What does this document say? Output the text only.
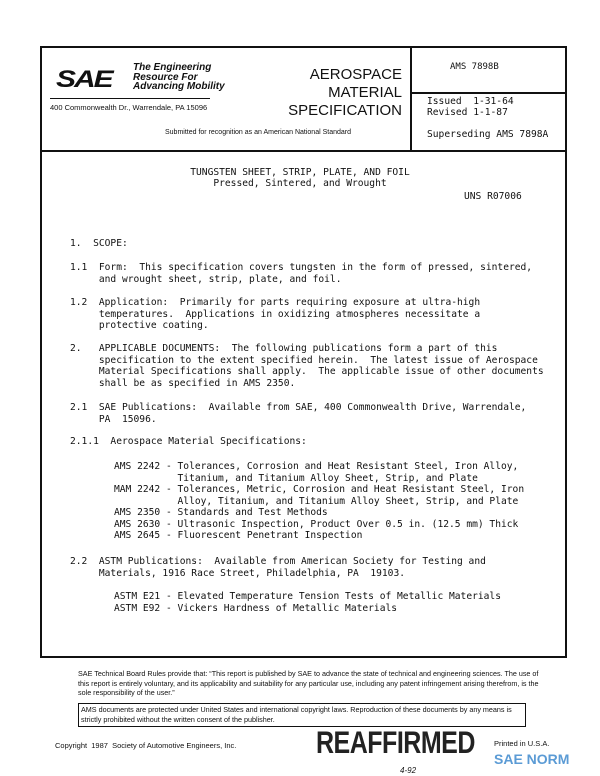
SAE The Engineering
Resource For
Advancing Mobility
400 Commonwealth Dr., Warrendale, PA 15096
AEROSPACE
MATERIAL
SPECIFICATION
Submitted for recognition as an American National Standard
AMS 7898B
Issued  1-31-64
Revised 1-1-87
Superseding AMS 7898A
TUNGSTEN SHEET, STRIP, PLATE, AND FOIL
Pressed, Sintered, and Wrought
UNS R07006
1.  SCOPE:
1.1  Form:  This specification covers tungsten in the form of pressed, sintered,
and wrought sheet, strip, plate, and foil.
1.2  Application:  Primarily for parts requiring exposure at ultra-high
temperatures.  Applications in oxidizing atmospheres necessitate a
protective coating.
2.   APPLICABLE DOCUMENTS:  The following publications form a part of this
specification to the extent specified herein.  The latest issue of Aerospace
Material Specifications shall apply.  The applicable issue of other documents
shall be as specified in AMS 2350.
2.1  SAE Publications:  Available from SAE, 400 Commonwealth Drive, Warrendale,
PA  15096.
2.1.1  Aerospace Material Specifications:
AMS 2242 - Tolerances, Corrosion and Heat Resistant Steel, Iron Alloy,
Titanium, and Titanium Alloy Sheet, Strip, and Plate
MAM 2242 - Tolerances, Metric, Corrosion and Heat Resistant Steel, Iron
Alloy, Titanium, and Titanium Alloy Sheet, Strip, and Plate
AMS 2350 - Standards and Test Methods
AMS 2630 - Ultrasonic Inspection, Product Over 0.5 in. (12.5 mm) Thick
AMS 2645 - Fluorescent Penetrant Inspection
2.2  ASTM Publications:  Available from American Society for Testing and
Materials, 1916 Race Street, Philadelphia, PA  19103.
ASTM E21 - Elevated Temperature Tension Tests of Metallic Materials
ASTM E92 - Vickers Hardness of Metallic Materials
SAE Technical Board Rules provide that: “This report is published by SAE to advance the state of technical and engineering sciences. The use of this report is entirely voluntary, and its applicability and suitability for any particular use, including any patent infringement arising therefrom, is the sole responsibility of the user.”
AMS documents are protected under United States and international copyright laws. Reproduction of these documents by any means is strictly prohibited without the written consent of the publisher.
Copyright  1987  Society of Automotive Engineers, Inc.	REAFFIRMED	Printed in U.S.A.
4-92
SAE NORM
